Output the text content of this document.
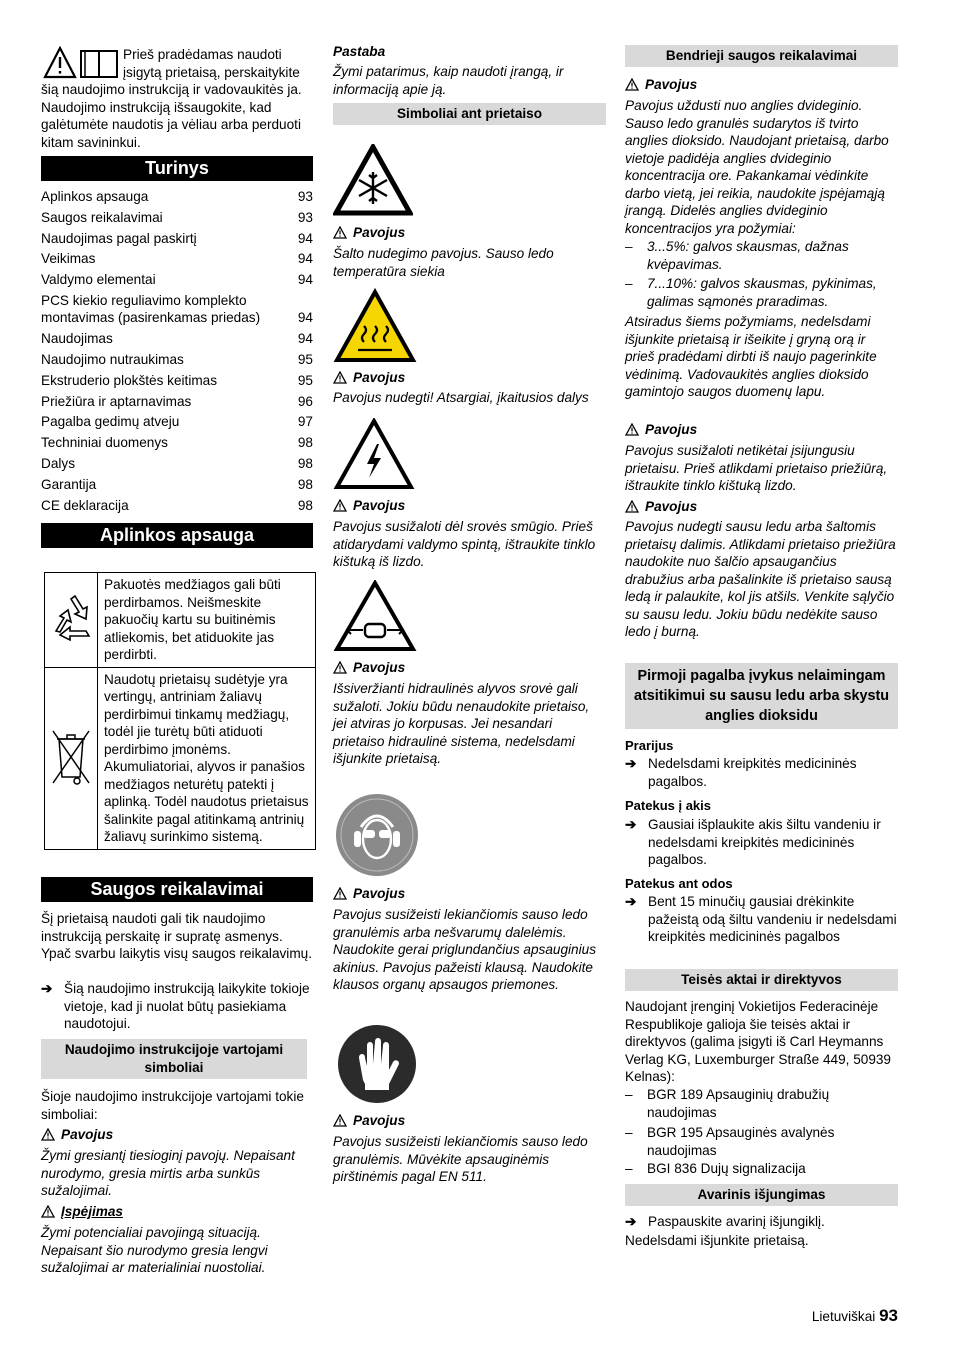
Prieš pradėdamas naudoti įsigytą prietaisą, perskaitykite šią naudojimo instrukciją ir vadovaukitės ja. Naudojimo instrukciją išsaugokite, kad galėtumėte naudotis ja vėliau arba perduoti kitam savininkui.
Turinys
Aplinkos apsauga	93
Saugos reikalavimai	93
Naudojimas pagal paskirtį	94
Veikimas	94
Valdymo elementai	94
PCS kiekio reguliavimo komplekto montavimas (pasirenkamas priedas)	94
Naudojimas	94
Naudojimo nutraukimas	95
Ekstruderio plokštės keitimas	95
Priežiūra ir aptarnavimas	96
Pagalba gedimų atveju	97
Techniniai duomenys	98
Dalys	98
Garantija	98
CE deklaracija	98
Aplinkos apsauga
	Pakuotės medžiagos gali būti perdirbamos. Neišmeskite pakuočių kartu su buitinėmis atliekomis, bet atiduokite jas perdirbti.
	Naudotų prietaisų sudėtyje yra vertingų, antriniam žaliavų perdirbimui tinkamų medžiagų, todėl jie turėtų būti atiduoti perdirbimo įmonėms. Akumuliatoriai, alyvos ir panašios medžiagos neturėtų patekti į aplinką. Todėl naudotus prietaisus šalinkite pagal atitinkamą antrinių žaliavų surinkimo sistemą.
Saugos reikalavimai
Šį prietaisą naudoti gali tik naudojimo instrukciją perskaitę ir supratę asmenys. Ypač svarbu laikytis visų saugos reikalavimų.
➔ Šią naudojimo instrukciją laikykite tokioje vietoje, kad ji nuolat būtų pasiekiama naudotojui.
Naudojimo instrukcijoje vartojami simboliai
Šioje naudojimo instrukcijoje vartojami tokie simboliai:
Pavojus
Žymi gresiantį tiesioginį pavojų. Nepaisant nurodymo, gresia mirtis arba sunkūs sužalojimai.
Įspėjimas
Žymi potencialiai pavojingą situaciją. Nepaisant šio nurodymo gresia lengvi sužalojimai ar materialiniai nuostoliai.
Pastaba
Žymi patarimus, kaip naudoti įrangą, ir informaciją apie ją.
Simboliai ant prietaiso
Pavojus
Šalto nudegimo pavojus. Sauso ledo temperatūra siekia
Pavojus
Pavojus nudegti! Atsargiai, įkaitusios dalys
Pavojus
Pavojus susižaloti dėl srovės smūgio. Prieš atidarydami valdymo spintą, ištraukite tinklo kištuką iš lizdo.
Pavojus
Išsiveržianti hidraulinės alyvos srovė gali sužaloti. Jokiu būdu nenaudokite prietaiso, jei atviras jo korpusas. Jei nesandari prietaiso hidraulinė sistema, nedelsdami išjunkite prietaisą.
Pavojus
Pavojus susižeisti lekiančiomis sauso ledo granulėmis arba nešvarumų dalelėmis. Naudokite gerai priglundančius apsauginius akinius. Pavojus pažeisti klausą. Naudokite klausos organų apsaugos priemones.
Pavojus
Pavojus susižeisti lekiančiomis sauso ledo granulėmis. Mūvėkite apsauginėmis pirštinėmis pagal EN 511.
Bendrieji saugos reikalavimai
Pavojus
Pavojus uždusti nuo anglies dvideginio. Sauso ledo granulės sudarytos iš tvirto anglies dioksido. Naudojant prietaisą, darbo vietoje padidėja anglies dvideginio koncentracija ore. Pakankamai vėdinkite darbo vietą, jei reikia, naudokite įspėjamąją įrangą. Didelės anglies dvideginio koncentracijos yra požymiai:
–	3...5%: galvos skausmas, dažnas kvėpavimas.
–	7...10%: galvos skausmas, pykinimas, galimas sąmonės praradimas.
Atsiradus šiems požymiams, nedelsdami išjunkite prietaisą ir išeikite į gryną orą ir prieš pradėdami dirbti iš naujo pagerinkite vėdinimą. Vadovaukitės anglies dioksido gamintojo saugos duomenų lapu.
Pavojus
Pavojus susižaloti netikėtai įsijungusiu prietaisu. Prieš atlikdami prietaiso priežiūrą, ištraukite tinklo kištuką lizdo.
Pavojus
Pavojus nudegti sausu ledu arba šaltomis prietaisų dalimis. Atlikdami prietaiso priežiūra naudokite nuo šalčio apsaugančius drabužius arba pašalinkite iš prietaiso sausą ledą ir palaukite, kol jis atšils. Venkite sąlyčio su sausu ledu. Jokiu būdu nedėkite sauso ledo į burną.
Pirmoji pagalba įvykus nelaimingam atsitikimui su sausu ledu arba skystu anglies dioksidu
Prarijus
➔ Nedelsdami kreipkitės medicininės pagalbos.
Patekus į akis
➔ Gausiai išplaukite akis šiltu vandeniu ir nedelsdami kreipkitės medicininės pagalbos.
Patekus ant odos
➔ Bent 15 minučių gausiai drėkinkite pažeistą odą šiltu vandeniu ir nedelsdami kreipkitės medicininės pagalbos
Teisės aktai ir direktyvos
Naudojant įrenginį Vokietijos Federacinėje Respublikoje galioja šie teisės aktai ir direktyvos (galima įsigyti iš Carl Heymanns Verlag KG, Luxemburger Straße 449, 50939 Kelnas):
–	BGR 189 Apsauginių drabužių naudojimas
–	BGR 195 Apsauginės avalynės naudojimas
–	BGI 836 Dujų signalizacija
Avarinis išjungimas
➔ Paspauskite avarinį išjungiklį.
Nedelsdami išjunkite prietaisą.
Lietuviškai 93
